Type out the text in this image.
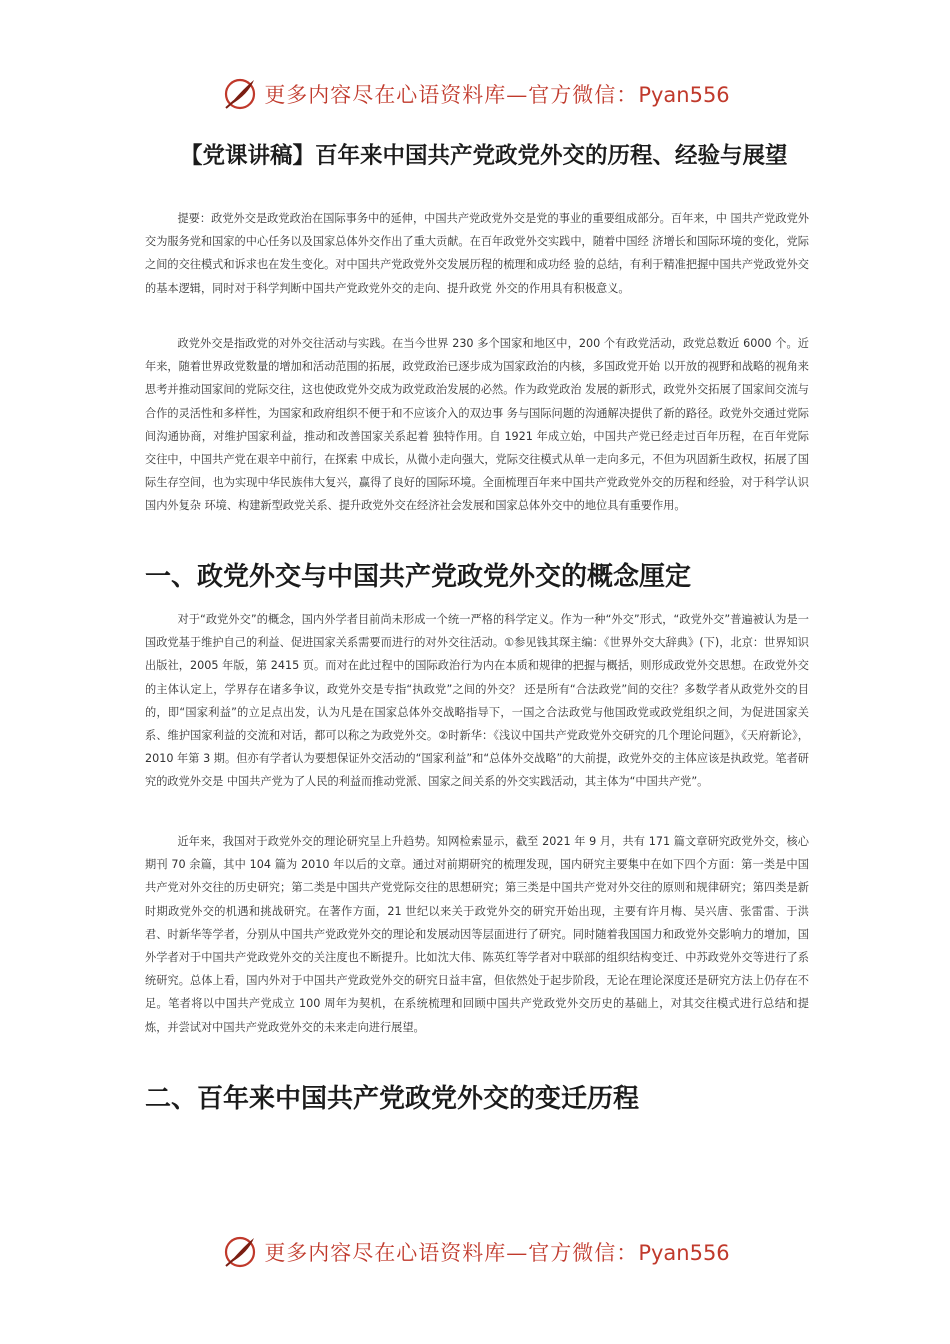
更多内容尽在心语资料库—官方微信：Pyan556
【党课讲稿】百年来中国共产党政党外交的历程、经验与展望

提要：政党外交是政党政治在国际事务中的延伸，中国共产党政党外交是党的事业的重要组成部分。百年来，中 国共产党政党外交为服务党和国家的中心任务以及国家总体外交作出了重大贡献。在百年政党外交实践中，随着中国经 济增长和国际环境的变化，党际之间的交往模式和诉求也在发生变化。对中国共产党政党外交发展历程的梳理和成功经 验的总结，有利于精准把握中国共产党政党外交的基本逻辑，同时对于科学判断中国共产党政党外交的走向、提升政党 外交的作用具有积极意义。

政党外交是指政党的对外交往活动与实践。在当今世界 230 多个国家和地区中，200 个有政党活动，政党总数近 6000 个。近年来，随着世界政党数量的增加和活动范围的拓展，政党政治已逐步成为国家政治的内核，多国政党开始 以开放的视野和战略的视角来思考并推动国家间的党际交往，这也使政党外交成为政党政治发展的必然。作为政党政治 发展的新形式，政党外交拓展了国家间交流与合作的灵活性和多样性，为国家和政府组织不便于和不应该介入的双边事 务与国际问题的沟通解决提供了新的路径。政党外交通过党际间沟通协商，对维护国家利益，推动和改善国家关系起着 独特作用。自 1921 年成立始，中国共产党已经走过百年历程，在百年党际交往中，中国共产党在艰辛中前行，在探索 中成长，从微小走向强大，党际交往模式从单一走向多元，不但为巩固新生政权，拓展了国际生存空间，也为实现中华民族伟大复兴，赢得了良好的国际环境。全面梳理百年来中国共产党政党外交的历程和经验，对于科学认识国内外复杂 环境、构建新型政党关系、提升政党外交在经济社会发展和国家总体外交中的地位具有重要作用。

一、政党外交与中国共产党政党外交的概念厘定

对于“政党外交”的概念，国内外学者目前尚未形成一个统一严格的科学定义。作为一种“外交”形式，“政党外交”普遍被认为是一国政党基于维护自己的利益、促进国家关系需要而进行的对外交往活动。①参见钱其琛主编：《世界外交大辞典》(下)，北京：世界知识出版社，2005 年版，第 2415 页。而对在此过程中的国际政治行为内在本质和规律的把握与概括，则形成政党外交思想。在政党外交的主体认定上，学界存在诸多争议，政党外交是专指“执政党”之间的外交？ 还是所有“合法政党”间的交往？多数学者从政党外交的目的，即“国家利益”的立足点出发，认为凡是在国家总体外交战略指导下，一国之合法政党与他国政党或政党组织之间，为促进国家关系、维护国家利益的交流和对话，都可以称之为政党外交。②时新华：《浅议中国共产党政党外交研究的几个理论问题》，《天府新论》，2010 年第 3 期。但亦有学者认为要想保证外交活动的“国家利益”和“总体外交战略”的大前提，政党外交的主体应该是执政党。笔者研究的政党外交是 中国共产党为了人民的利益而推动党派、国家之间关系的外交实践活动，其主体为“中国共产党”。

近年来，我国对于政党外交的理论研究呈上升趋势。知网检索显示，截至 2021 年 9 月，共有 171 篇文章研究政党外交，核心期刊 70 余篇，其中 104 篇为 2010 年以后的文章。通过对前期研究的梳理发现，国内研究主要集中在如下四个方面：第一类是中国共产党对外交往的历史研究；第二类是中国共产党党际交往的思想研究；第三类是中国共产党对外交往的原则和规律研究；第四类是新时期政党外交的机遇和挑战研究。在著作方面，21 世纪以来关于政党外交的研究开始出现，主要有许月梅、吴兴唐、张雷雷、于洪君、时新华等学者，分别从中国共产党政党外交的理论和发展动因等层面进行了研究。同时随着我国国力和政党外交影响力的增加，国外学者对于中国共产党政党外交的关注度也不断提升。比如沈大伟、陈英红等学者对中联部的组织结构变迁、中苏政党外交等进行了系统研究。总体上看，国内外对于中国共产党政党外交的研究日益丰富，但依然处于起步阶段，无论在理论深度还是研究方法上仍存在不足。笔者将以中国共产党成立 100 周年为契机，在系统梳理和回顾中国共产党政党外交历史的基础上，对其交往模式进行总结和提炼，并尝试对中国共产党政党外交的未来走向进行展望。

二、百年来中国共产党政党外交的变迁历程
更多内容尽在心语资料库—官方微信：Pyan556
